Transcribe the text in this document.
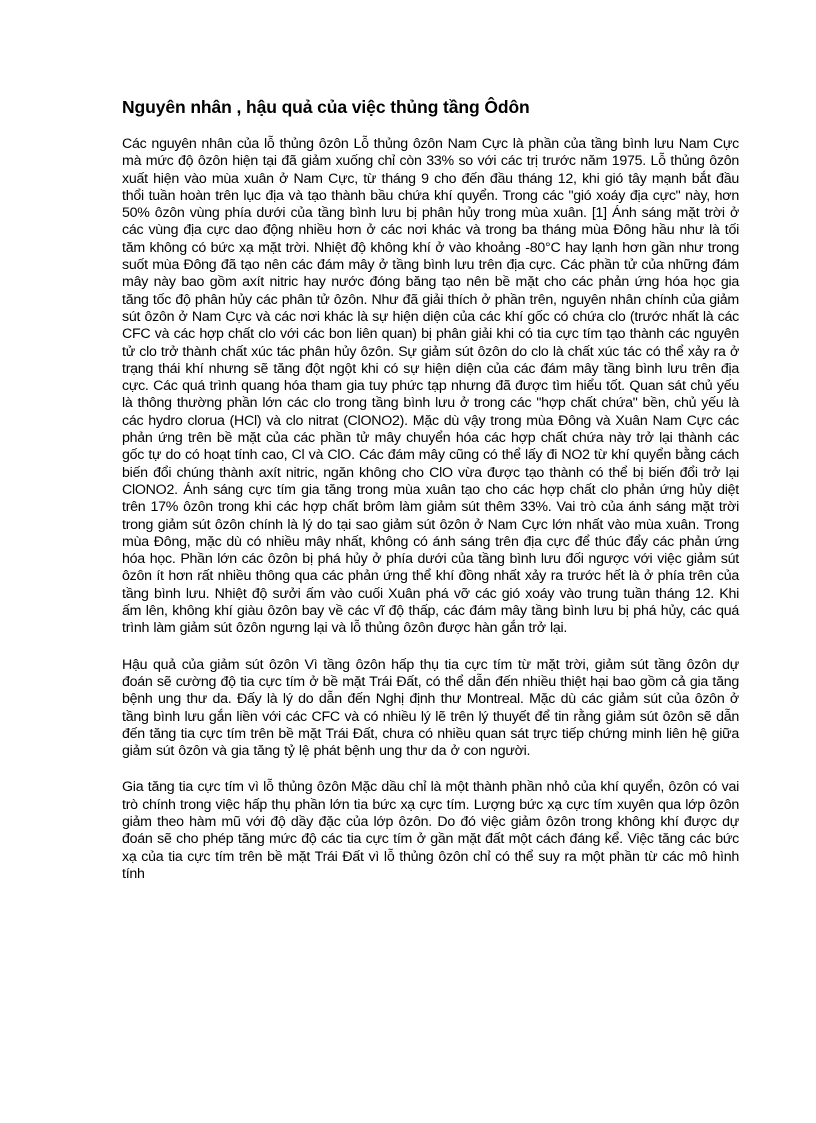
Nguyên nhân , hậu quả của việc thủng tầng Ôdôn

Các nguyên nhân của lỗ thủng ôzôn Lỗ thủng ôzôn Nam Cực là phần của tầng bình lưu Nam Cực mà mức độ ôzôn hiện tại đã giảm xuống chỉ còn 33% so với các trị trước năm 1975. Lỗ thủng ôzôn xuất hiện vào mùa xuân ở Nam Cực, từ tháng 9 cho đến đầu tháng 12, khi gió tây mạnh bắt đầu thổi tuần hoàn trên lục địa và tạo thành bầu chứa khí quyển. Trong các "gió xoáy địa cực" này, hơn 50% ôzôn vùng phía dưới của tầng bình lưu bị phân hủy trong mùa xuân. [1] Ánh sáng mặt trời ở các vùng địa cực dao động nhiều hơn ở các nơi khác và trong ba tháng mùa Đông hầu như là tối tăm không có bức xạ mặt trời. Nhiệt độ không khí ở vào khoảng -80°C hay lạnh hơn gần như trong suốt mùa Đông đã tạo nên các đám mây ở tầng bình lưu trên địa cực. Các phần tử của những đám mây này bao gồm axít nitric hay nước đóng băng tạo nên bề mặt cho các phản ứng hóa học gia tăng tốc độ phân hủy các phân tử ôzôn. Như đã giải thích ở phần trên, nguyên nhân chính của giảm sút ôzôn ở Nam Cực và các nơi khác là sự hiện diện của các khí gốc có chứa clo (trước nhất là các CFC và các hợp chất clo với các bon liên quan) bị phân giải khi có tia cực tím tạo thành các nguyên tử clo trở thành chất xúc tác phân hủy ôzôn. Sự giảm sút ôzôn do clo là chất xúc tác có thể xảy ra ở trạng thái khí nhưng sẽ tăng đột ngột khi có sự hiện diện của các đám mây tầng bình lưu trên địa cực. Các quá trình quang hóa tham gia tuy phức tạp nhưng đã được tìm hiểu tốt. Quan sát chủ yếu là thông thường phần lớn các clo trong tầng bình lưu ở trong các "hợp chất chứa" bền, chủ yếu là các hydro clorua (HCl) và clo nitrat (ClONO2). Mặc dù vậy trong mùa Đông và Xuân Nam Cực các phản ứng trên bề mặt của các phần tử mây chuyển hóa các hợp chất chứa này trở lại thành các gốc tự do có hoạt tính cao, Cl và ClO. Các đám mây cũng có thể lấy đi NO2 từ khí quyển bằng cách biến đổi chúng thành axít nitric, ngăn không cho ClO vừa được tạo thành có thể bị biến đổi trở lại ClONO2. Ánh sáng cực tím gia tăng trong mùa xuân tạo cho các hợp chất clo phản ứng hủy diệt trên 17% ôzôn trong khi các hợp chất brôm làm giảm sút thêm 33%. Vai trò của ánh sáng mặt trời trong giảm sút ôzôn chính là lý do tại sao giảm sút ôzôn ở Nam Cực lớn nhất vào mùa xuân. Trong mùa Đông, mặc dù có nhiều mây nhất, không có ánh sáng trên địa cực để thúc đẩy các phản ứng hóa học. Phần lớn các ôzôn bị phá hủy ở phía dưới của tầng bình lưu đối ngược với việc giảm sút ôzôn ít hơn rất nhiều thông qua các phản ứng thể khí đồng nhất xảy ra trước hết là ở phía trên của tầng bình lưu. Nhiệt độ sưởi ấm vào cuối Xuân phá vỡ các gió xoáy vào trung tuần tháng 12. Khi ấm lên, không khí giàu ôzôn bay về các vĩ độ thấp, các đám mây tầng bình lưu bị phá hủy, các quá trình làm giảm sút ôzôn ngưng lại và lỗ thủng ôzôn được hàn gắn trở lại.

Hậu quả của giảm sút ôzôn Vì tầng ôzôn hấp thụ tia cực tím từ mặt trời, giảm sút tầng ôzôn dự đoán sẽ cường độ tia cực tím ở bề mặt Trái Đất, có thể dẫn đến nhiều thiệt hại bao gồm cả gia tăng bệnh ung thư da. Đấy là lý do dẫn đến Nghị định thư Montreal. Mặc dù các giảm sút của ôzôn ở tầng bình lưu gắn liền với các CFC và có nhiều lý lẽ trên lý thuyết để tin rằng giảm sút ôzôn sẽ dẫn đến tăng tia cực tím trên bề mặt Trái Đất, chưa có nhiều quan sát trực tiếp chứng minh liên hệ giữa giảm sút ôzôn và gia tăng tỷ lệ phát bệnh ung thư da ở con người.

Gia tăng tia cực tím vì lỗ thủng ôzôn Mặc dầu chỉ là một thành phần nhỏ của khí quyển, ôzôn có vai trò chính trong việc hấp thụ phần lớn tia bức xạ cực tím. Lượng bức xạ cực tím xuyên qua lớp ôzôn giảm theo hàm mũ với độ dầy đặc của lớp ôzôn. Do đó việc giảm ôzôn trong không khí được dự đoán sẽ cho phép tăng mức độ các tia cực tím ở gần mặt đất một cách đáng kể. Việc tăng các bức xạ của tia cực tím trên bề mặt Trái Đất vì lỗ thủng ôzôn chỉ có thể suy ra một phần từ các mô hình tính
